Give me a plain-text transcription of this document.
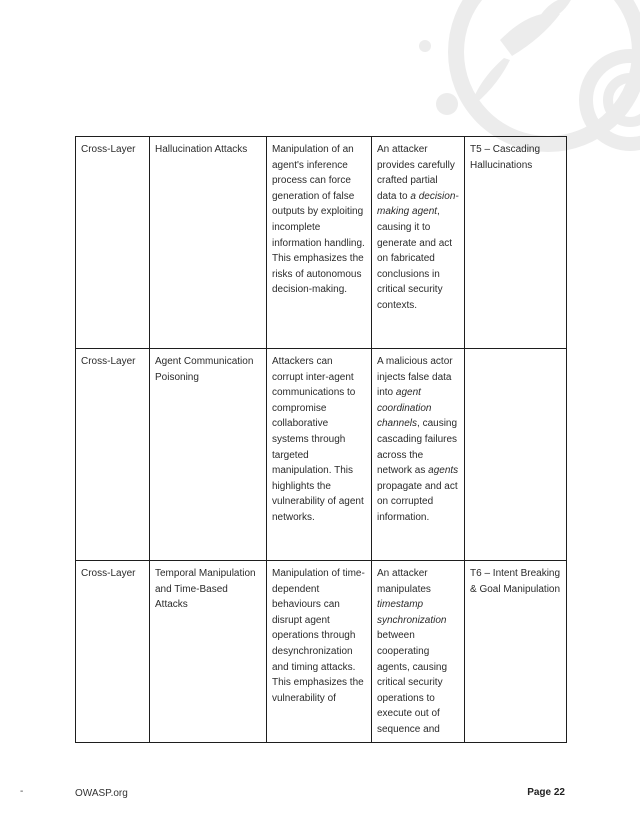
Cross-Layer	Hallucination Attacks	Manipulation of an agent's inference process can force generation of false outputs by exploiting incomplete information handling. This emphasizes the risks of autonomous decision-making.	An attacker provides carefully crafted partial data to a decision-making agent, causing it to generate and act on fabricated conclusions in critical security contexts.	T5 – Cascading Hallucinations
Cross-Layer	Agent Communication Poisoning	Attackers can corrupt inter-agent communications to compromise collaborative systems through targeted manipulation. This highlights the vulnerability of agent networks.	A malicious actor injects false data into agent coordination channels, causing cascading failures across the network as agents propagate and act on corrupted information.	
Cross-Layer	Temporal Manipulation and Time-Based Attacks	Manipulation of time-dependent behaviours can disrupt agent operations through desynchronization and timing attacks. This emphasizes the vulnerability of	An attacker manipulates timestamp synchronization between cooperating agents, causing critical security operations to execute out of sequence and	T6 – Intent Breaking & Goal Manipulation
-	OWASP.org	Page 22
